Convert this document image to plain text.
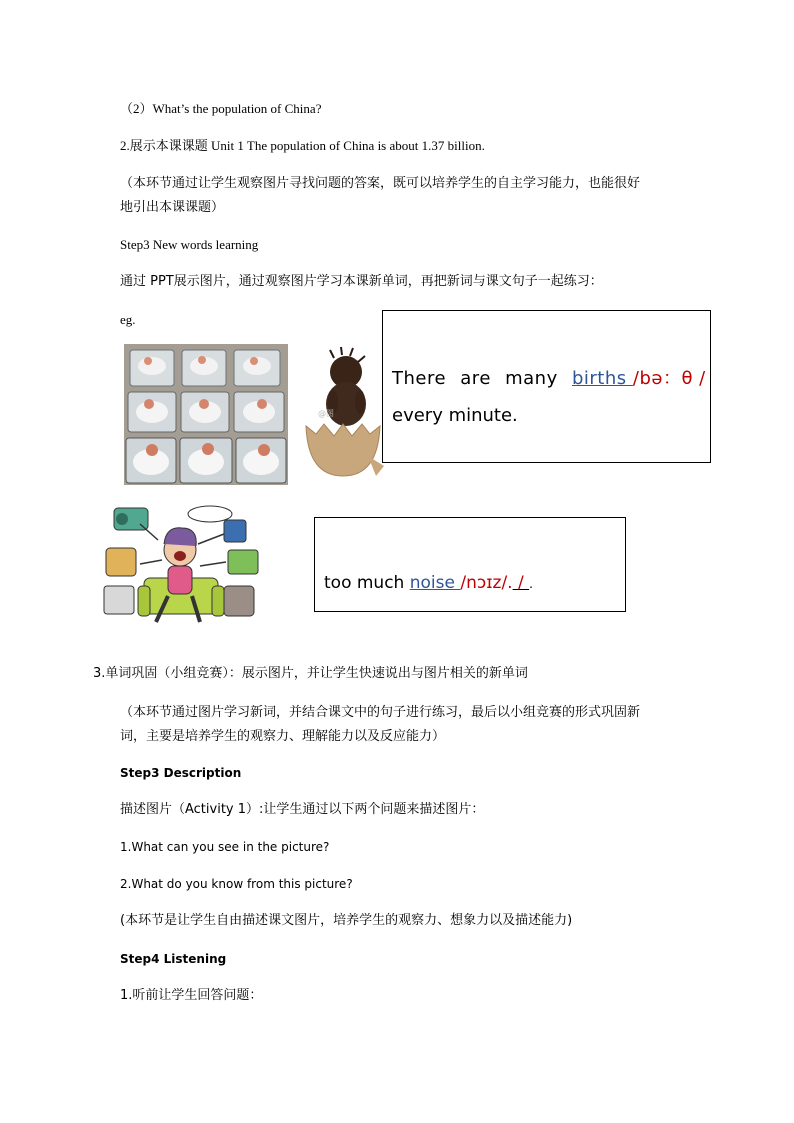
（2）What’s the population of China?
2.展示本课课题 Unit 1 The population of China is about 1.37 billion.
（本环节通过让学生观察图片寻找问题的答案，既可以培养学生的自主学习能力，也能很好
地引出本课课题）
Step3 New words learning
通过 PPT展示图片，通过观察图片学习本课新单词，再把新词与课文句子一起练习：
eg.
@图
There are many births /bə：θ /
every minute.
too much noise /nɔɪz/. / .
3.单词巩固（小组竞赛）：展示图片，并让学生快速说出与图片相关的新单词
（本环节通过图片学习新词，并结合课文中的句子进行练习，最后以小组竞赛的形式巩固新
词，主要是培养学生的观察力、理解能力以及反应能力）
Step3 Description
描述图片（Activity 1）:让学生通过以下两个问题来描述图片：
1.What can you see in the picture?
2.What do you know from this picture?
(本环节是让学生自由描述课文图片，培养学生的观察力、想象力以及描述能力)
Step4 Listening
1.听前让学生回答问题：
